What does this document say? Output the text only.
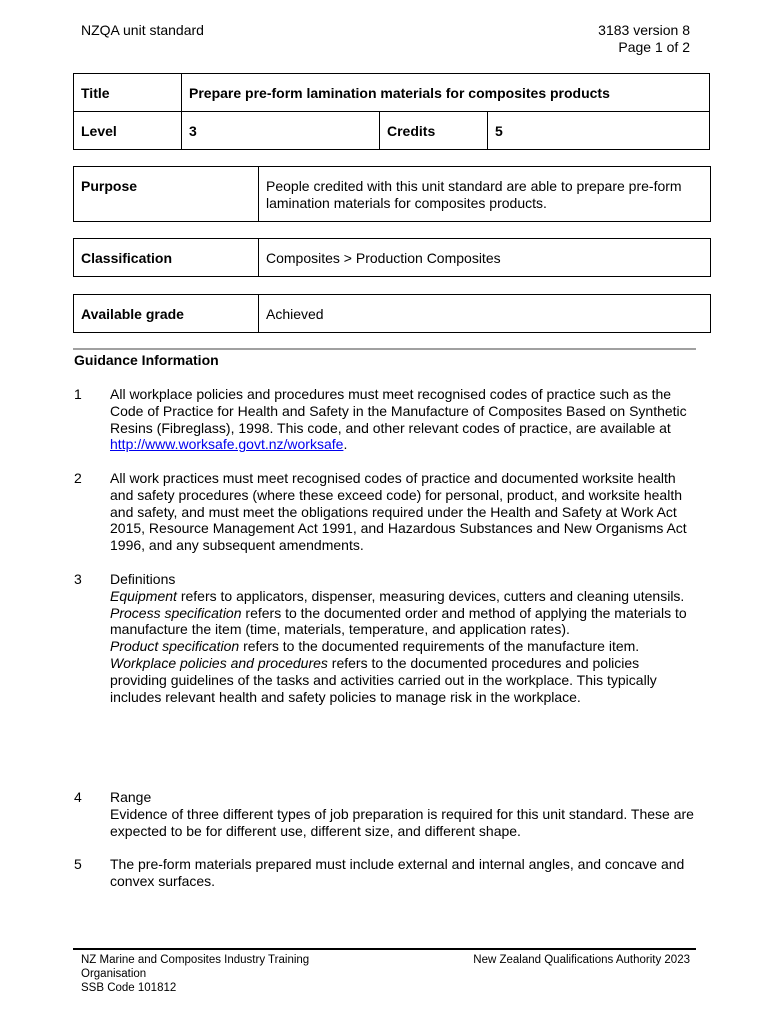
NZQA unit standard	3183 version 8
Page 1 of 2
Title	Prepare pre-form lamination materials for composites products		
Level	3	Credits	5
Purpose	People credited with this unit standard are able to prepare pre-form lamination materials for composites products.
Classification	Composites > Production Composites
Available grade	Achieved
Guidance Information
1 All workplace policies and procedures must meet recognised codes of practice such as the Code of Practice for Health and Safety in the Manufacture of Composites Based on Synthetic Resins (Fibreglass), 1998. This code, and other relevant codes of practice, are available at http://www.worksafe.govt.nz/worksafe.
2 All work practices must meet recognised codes of practice and documented worksite health and safety procedures (where these exceed code) for personal, product, and worksite health and safety, and must meet the obligations required under the Health and Safety at Work Act 2015, Resource Management Act 1991, and Hazardous Substances and New Organisms Act 1996, and any subsequent amendments.
3 Definitions
Equipment refers to applicators, dispenser, measuring devices, cutters and cleaning utensils.
Process specification refers to the documented order and method of applying the materials to manufacture the item (time, materials, temperature, and application rates).
Product specification refers to the documented requirements of the manufacture item.
Workplace policies and procedures refers to the documented procedures and policies providing guidelines of the tasks and activities carried out in the workplace. This typically includes relevant health and safety policies to manage risk in the workplace.
4 Range
Evidence of three different types of job preparation is required for this unit standard. These are expected to be for different use, different size, and different shape.
5 The pre-form materials prepared must include external and internal angles, and concave and convex surfaces.
NZ Marine and Composites Industry Training
Organisation
SSB Code 101812
New Zealand Qualifications Authority 2023
